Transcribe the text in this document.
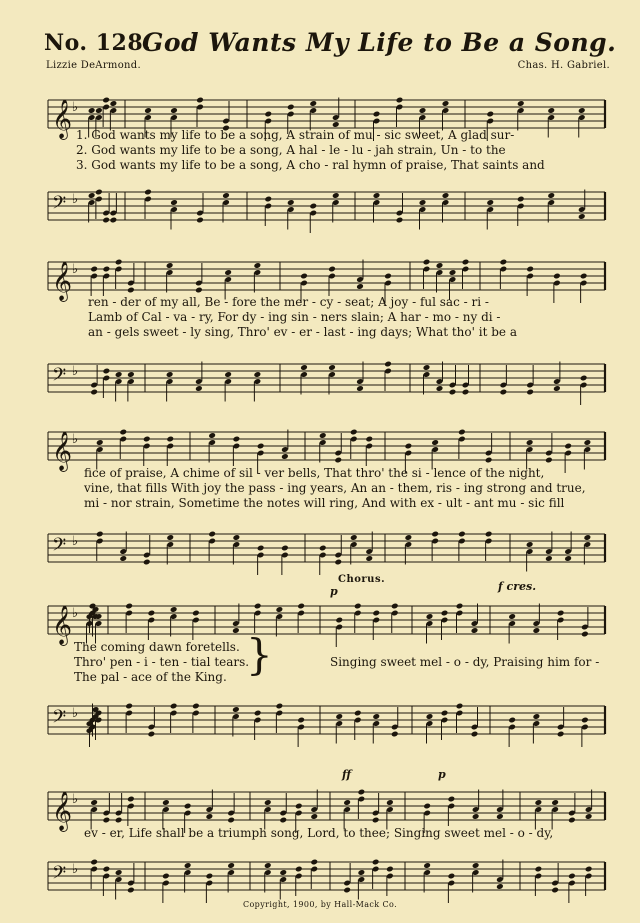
No. 128.
God Wants My Life to Be a Song.
Lizzie DeArmond.	Chas. H. Gabriel.
𝄞 ♭
1. God wants my life to be a song, A strain of mu - sic sweet, A glad sur-
2. God wants my life to be a song, A hal - le - lu - jah strain, Un - to the
3. God wants my life to be a song, A cho - ral hymn of praise, That saints and
𝄢 ♭
𝄞 ♭
ren - der of my all, Be - fore the mer - cy - seat; A joy - ful sac - ri -
Lamb of Cal - va - ry, For dy - ing sin - ners slain; A har - mo - ny di -
an - gels sweet - ly sing, Thro' ev - er - last - ing days; What tho' it be a
𝄢 ♭
𝄞 ♭
fice of praise, A chime of sil - ver bells, That thro' the si - lence of the night,
vine, that fills With joy the pass - ing years, An an - them, ris - ing strong and true,
mi - nor strain, Sometime the notes will ring, And with ex - ult - ant mu - sic fill
𝄢 ♭
Chorus.
p	f cres.
𝄞 ♭
The coming dawn foretells.
Thro' pen - i - ten - tial tears.
The pal - ace of the King. }	Singing sweet mel - o - dy, Praising him for -
𝄢 ♭
ff	p
𝄞 ♭
ev - er, Life shall be a triumph song, Lord, to thee; Singing sweet mel - o - dy,
𝄢 ♭
Copyright, 1900, by Hall-Mack Co.
